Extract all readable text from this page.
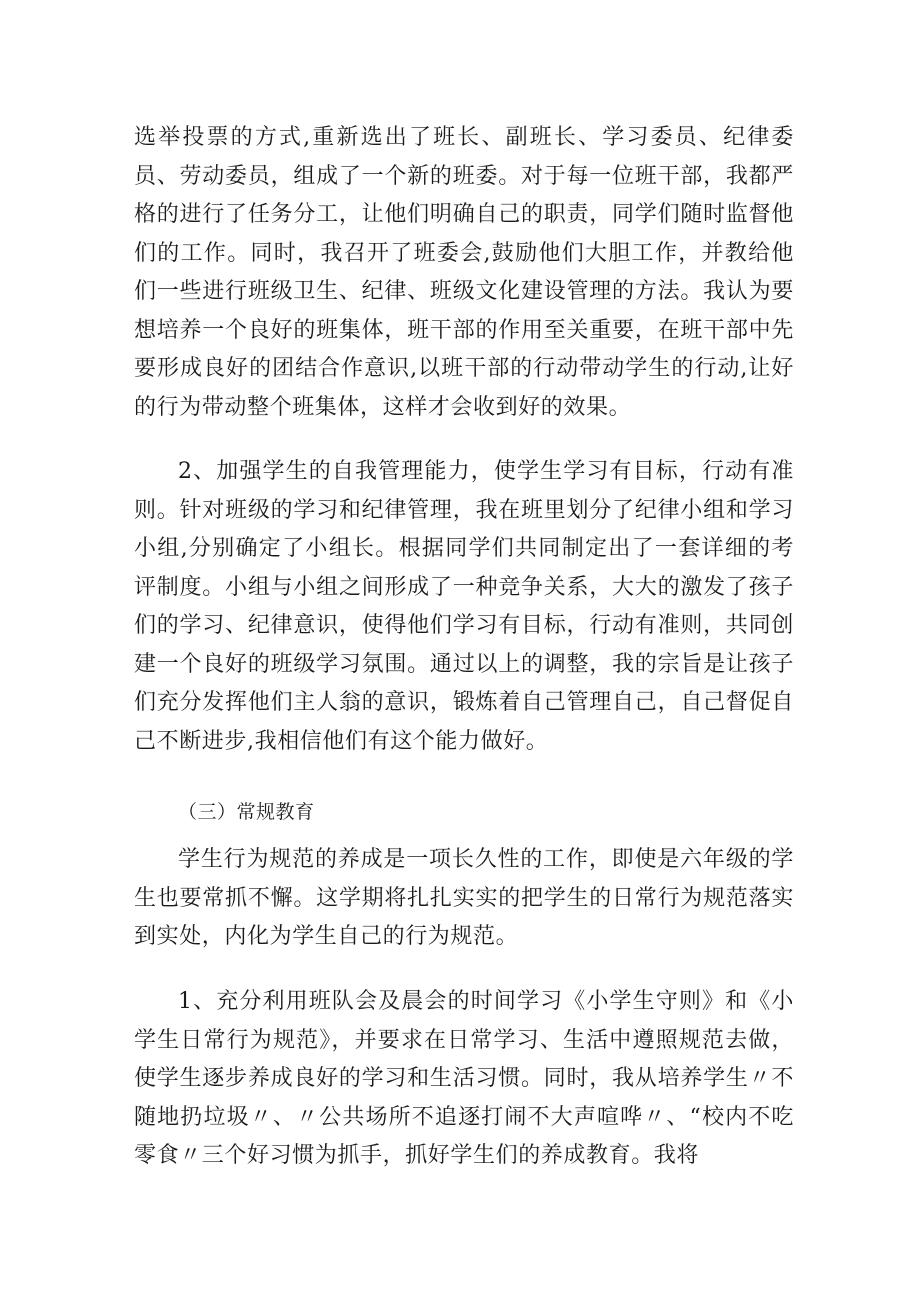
选举投票的方式,重新选出了班长、副班长、学习委员、纪律委员、劳动委员，组成了一个新的班委。对于每一位班干部，我都严格的进行了任务分工，让他们明确自己的职责，同学们随时监督他们的工作。同时，我召开了班委会,鼓励他们大胆工作，并教给他们一些进行班级卫生、纪律、班级文化建设管理的方法。我认为要想培养一个良好的班集体，班干部的作用至关重要，在班干部中先要形成良好的团结合作意识,以班干部的行动带动学生的行动,让好的行为带动整个班集体，这样才会收到好的效果。

2、加强学生的自我管理能力，使学生学习有目标，行动有准则。针对班级的学习和纪律管理，我在班里划分了纪律小组和学习小组,分别确定了小组长。根据同学们共同制定出了一套详细的考评制度。小组与小组之间形成了一种竞争关系，大大的激发了孩子们的学习、纪律意识，使得他们学习有目标，行动有准则，共同创建一个良好的班级学习氛围。通过以上的调整，我的宗旨是让孩子们充分发挥他们主人翁的意识，锻炼着自己管理自己，自己督促自己不断进步,我相信他们有这个能力做好。

（三）常规教育

学生行为规范的养成是一项长久性的工作，即使是六年级的学生也要常抓不懈。这学期将扎扎实实的把学生的日常行为规范落实到实处，内化为学生自己的行为规范。

1、充分利用班队会及晨会的时间学习《小学生守则》和《小学生日常行为规范》，并要求在日常学习、生活中遵照规范去做，使学生逐步养成良好的学习和生活习惯。同时，我从培养学生〃不随地扔垃圾〃、〃公共场所不追逐打闹不大声喧哗〃、“校内不吃零食〃三个好习惯为抓手，抓好学生们的养成教育。我将
